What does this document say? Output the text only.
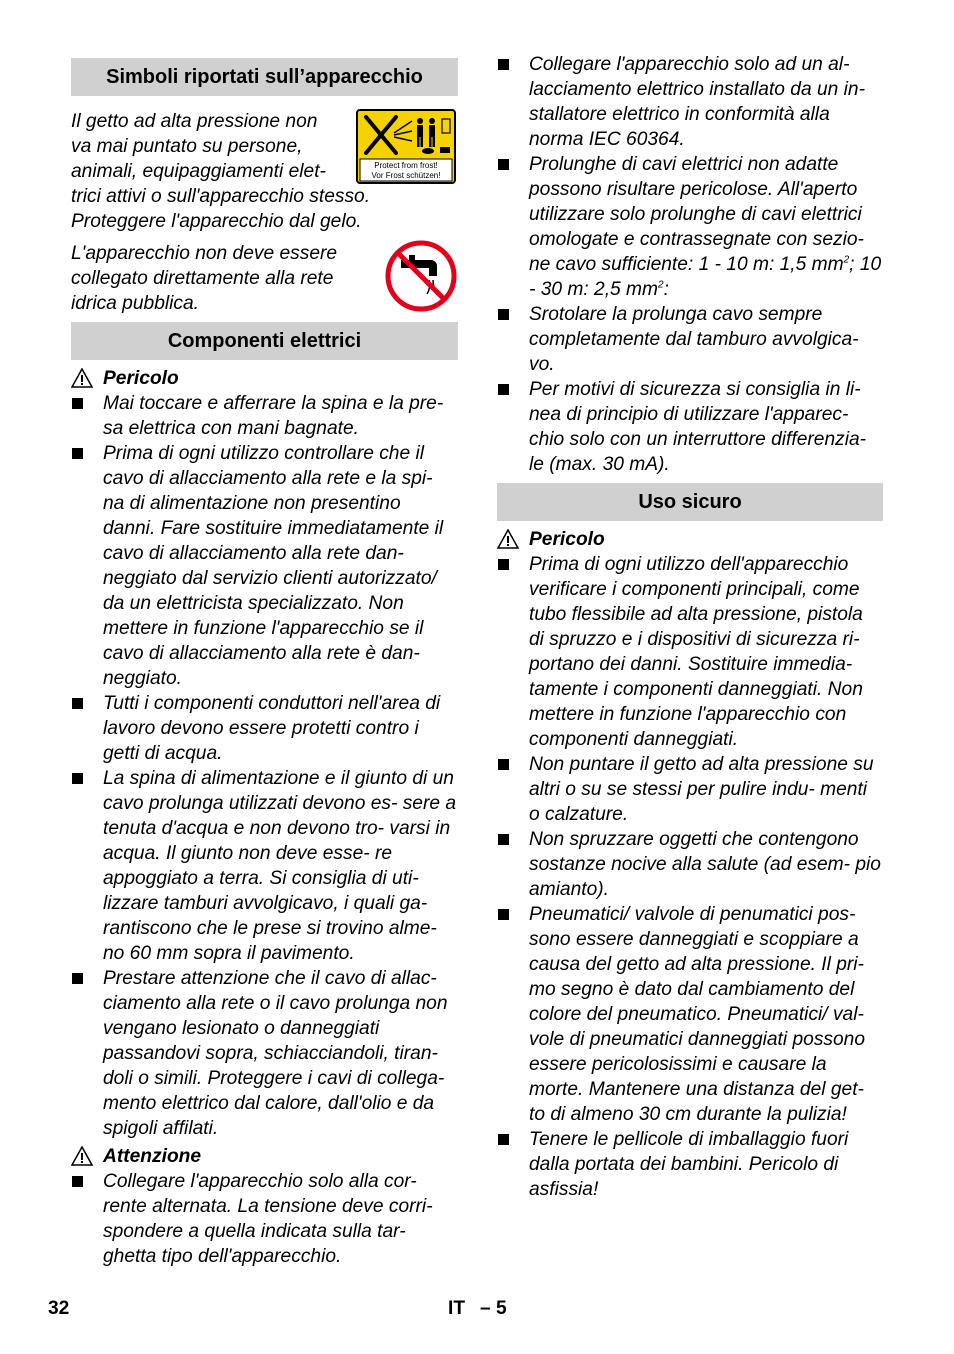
Simboli riportati sull’apparecchio
Il getto ad alta pressione non
va mai puntato su persone,
animali, equipaggiamenti elet-
trici attivi o sull'apparecchio stesso.
Proteggere l'apparecchio dal gelo.
Protect from frost!
Vor Frost schützen!
L'apparecchio non deve essere
collegato direttamente alla rete
idrica pubblica.
Componenti elettrici
Pericolo
Mai toccare e afferrare la spina e la pre- sa elettrica con mani bagnate.
Prima di ogni utilizzo controllare che il cavo di allacciamento alla rete e la spi- na di alimentazione non presentino danni. Fare sostituire immediatamente il cavo di allacciamento alla rete dan- neggiato dal servizio clienti autorizzato/ da un elettricista specializzato. Non mettere in funzione l'apparecchio se il cavo di allacciamento alla rete è dan- neggiato.
Tutti i componenti conduttori nell'area di lavoro devono essere protetti contro i getti di acqua.
La spina di alimentazione e il giunto di un cavo prolunga utilizzati devono es- sere a tenuta d'acqua e non devono tro- varsi in acqua. Il giunto non deve esse- re appoggiato a terra. Si consiglia di uti- lizzare tamburi avvolgicavo, i quali ga- rantiscono che le prese si trovino alme- no 60 mm sopra il pavimento.
Prestare attenzione che il cavo di allac- ciamento alla rete o il cavo prolunga non vengano lesionato o danneggiati passandovi sopra, schiacciandoli, tiran- doli o simili. Proteggere i cavi di collega- mento elettrico dal calore, dall'olio e da spigoli affilati.
Attenzione
Collegare l'apparecchio solo alla cor- rente alternata. La tensione deve corri- spondere a quella indicata sulla tar- ghetta tipo dell'apparecchio.
Collegare l'apparecchio solo ad un al- lacciamento elettrico installato da un in- stallatore elettrico in conformità alla norma IEC 60364.
Prolunghe di cavi elettrici non adatte possono risultare pericolose. All'aperto utilizzare solo prolunghe di cavi elettrici omologate e contrassegnate con sezio- ne cavo sufficiente: 1 - 10 m: 1,5 $mm^2$; 10 - 30 m: 2,5 $mm^2$:
Srotolare la prolunga cavo sempre completamente dal tamburo avvolgica- vo.
Per motivi di sicurezza si consiglia in li- nea di principio di utilizzare l'apparec- chio solo con un interruttore differenzia- le (max. 30 mA).
Uso sicuro
Pericolo
Prima di ogni utilizzo dell'apparecchio verificare i componenti principali, come tubo flessibile ad alta pressione, pistola di spruzzo e i dispositivi di sicurezza ri- portano dei danni. Sostituire immedia- tamente i componenti danneggiati. Non mettere in funzione l'apparecchio con componenti danneggiati.
Non puntare il getto ad alta pressione su altri o su se stessi per pulire indu- menti o calzature.
Non spruzzare oggetti che contengono sostanze nocive alla salute (ad esem- pio amianto).
Pneumatici/ valvole di penumatici pos- sono essere danneggiati e scoppiare a causa del getto ad alta pressione. Il pri- mo segno è dato dal cambiamento del colore del pneumatico. Pneumatici/ val- vole di pneumatici danneggiati possono essere pericolosissimi e causare la morte. Mantenere una distanza del get- to di almeno 30 cm durante la pulizia!
Tenere le pellicole di imballaggio fuori dalla portata dei bambini. Pericolo di asfissia!
32	IT – 5
